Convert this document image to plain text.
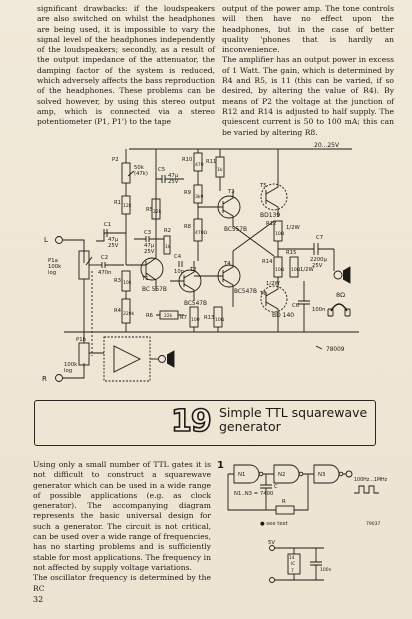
significant drawbacks: if the loudspeakers are also switched on whilst the headphones are being used, it is impossible to vary the signal level of the headphones independently of the loudspeakers; secondly, as a result of the output impedance of the attenuator, the damping factor of the system is reduced, which adversely affects the bass reproduction of the headphones. These problems can be solved however, by using this stereo output amp, which is connected via a stereo potentiometer (P1, P1') to the tape

output of the power amp. The tone controls will then have no effect upon the headphones, but in the case of better quality 'phones that is hardly an inconvenience.

The amplifier has an output power in excess of 1 Watt. The gain, which is determined by R4 and R5, is 11 (this can be varied, if so desired, by altering the value of R4). By means of P2 the voltage at the junction of R12 and R14 is adjusted to half supply. The quiescent current is 50 to 100 mA; this can be varied by altering R8.

20...25V
L
P1a
100k
log
C2
470n
P2
50k
(47k)
R1
12k
C1
47μ
25V
R3 10k
R4
220k
T1
BC 557B
R5 22k
C3
47μ
25V
R2
1k
C5
47μ
25V
R6 22k
R10
470
R11
1k
R9
3k9
R8
470Ω
T3
BC557B
T2
BC547B
C4
10p
R7 100 R13 10Ω
T4
BC547B
T5
BD139
R12
10Ω
1/2W
R14
10Ω
1/2W
T6
BD 140
R15
10Ω 1/2W
C7
2200μ
25V
C6
100n
8Ω
78009
R
P1b
100k
log
19 Simple TTL squarewave
generator

Using only a small number of TTL gates it is not difficult to construct a squarewave generator which can be used in a wide range of possible applications (e.g. as clock generator). The accompanying diagram represents the basic universal design for such a generator. The circuit is not critical, can be used over a wide range of frequencies, has no starting problems and is sufficiently stable for most applications. The frequency in not affected by supply voltage variations.

The oscillator frequency is determined by the RC

1
N1	N2	N3
N1..N3 = 7400
C
R
● see text	79037
100Hz...1MHz
5V
14
IC
7	100n
32
